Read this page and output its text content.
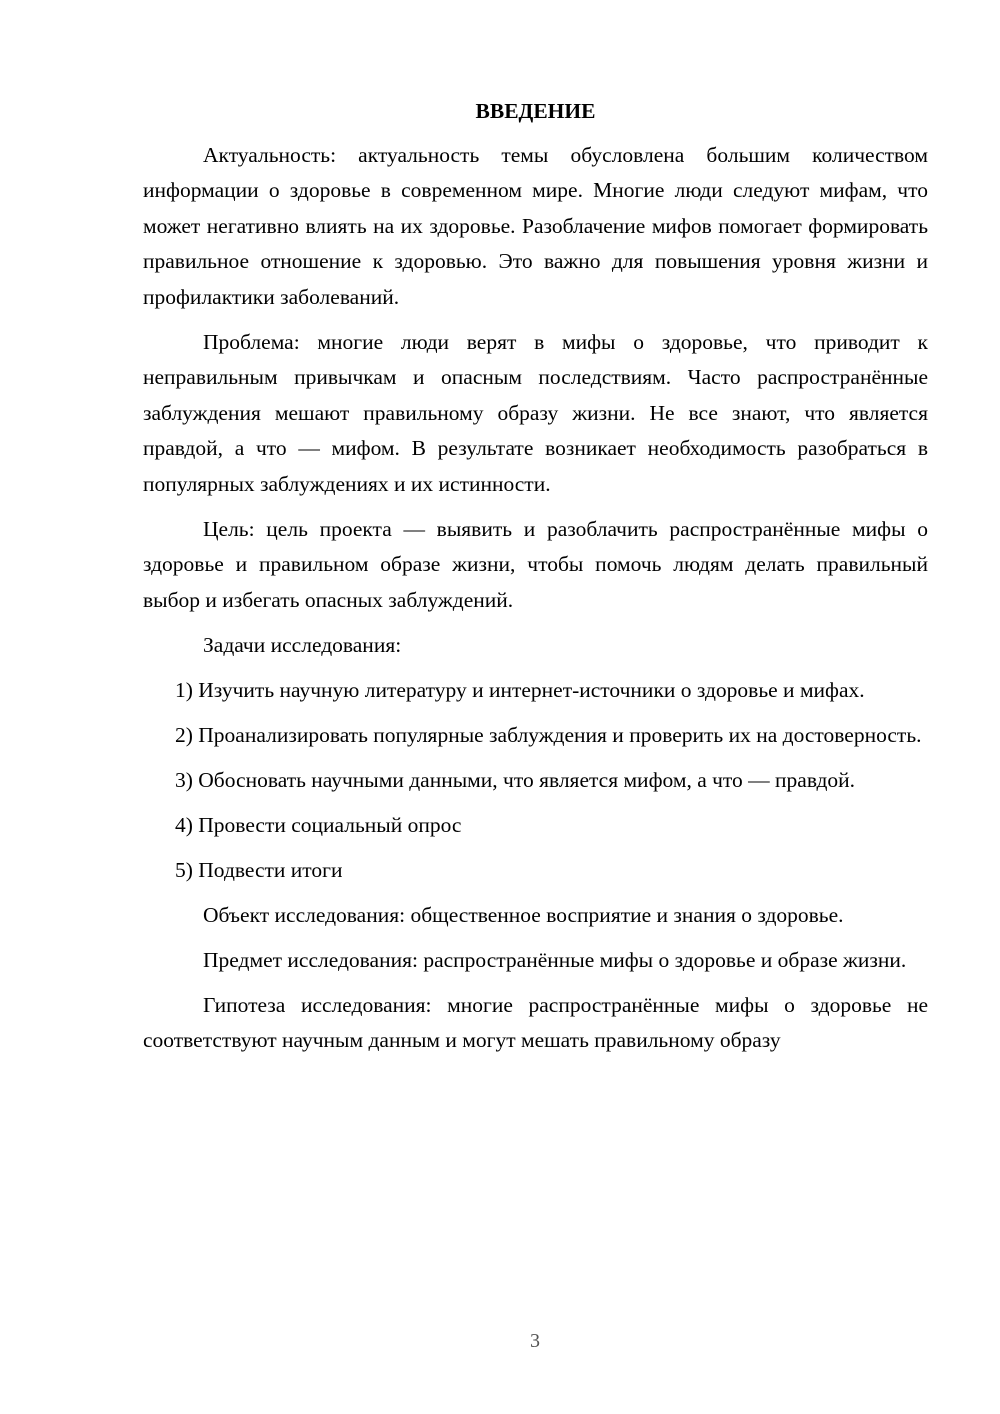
ВВЕДЕНИЕ

Актуальность: актуальность темы обусловлена большим количеством информации о здоровье в современном мире. Многие люди следуют мифам, что может негативно влиять на их здоровье. Разоблачение мифов помогает формировать правильное отношение к здоровью. Это важно для повышения уровня жизни и профилактики заболеваний.

Проблема: многие люди верят в мифы о здоровье, что приводит к неправильным привычкам и опасным последствиям. Часто распространённые заблуждения мешают правильному образу жизни. Не все знают, что является правдой, а что — мифом. В результате возникает необходимость разобраться в популярных заблуждениях и их истинности.

Цель: цель проекта — выявить и разоблачить распространённые мифы о здоровье и правильном образе жизни, чтобы помочь людям делать правильный выбор и избегать опасных заблуждений.

Задачи исследования:

1) Изучить научную литературу и интернет-источники о здоровье и мифах.

2) Проанализировать популярные заблуждения и проверить их на достоверность.

3) Обосновать научными данными, что является мифом, а что — правдой.

4) Провести социальный опрос

5) Подвести итоги

Объект исследования: общественное восприятие и знания о здоровье.

Предмет исследования: распространённые мифы о здоровье и образе жизни.

Гипотеза исследования: многие распространённые мифы о здоровье не соответствуют научным данным и могут мешать правильному образу

3
